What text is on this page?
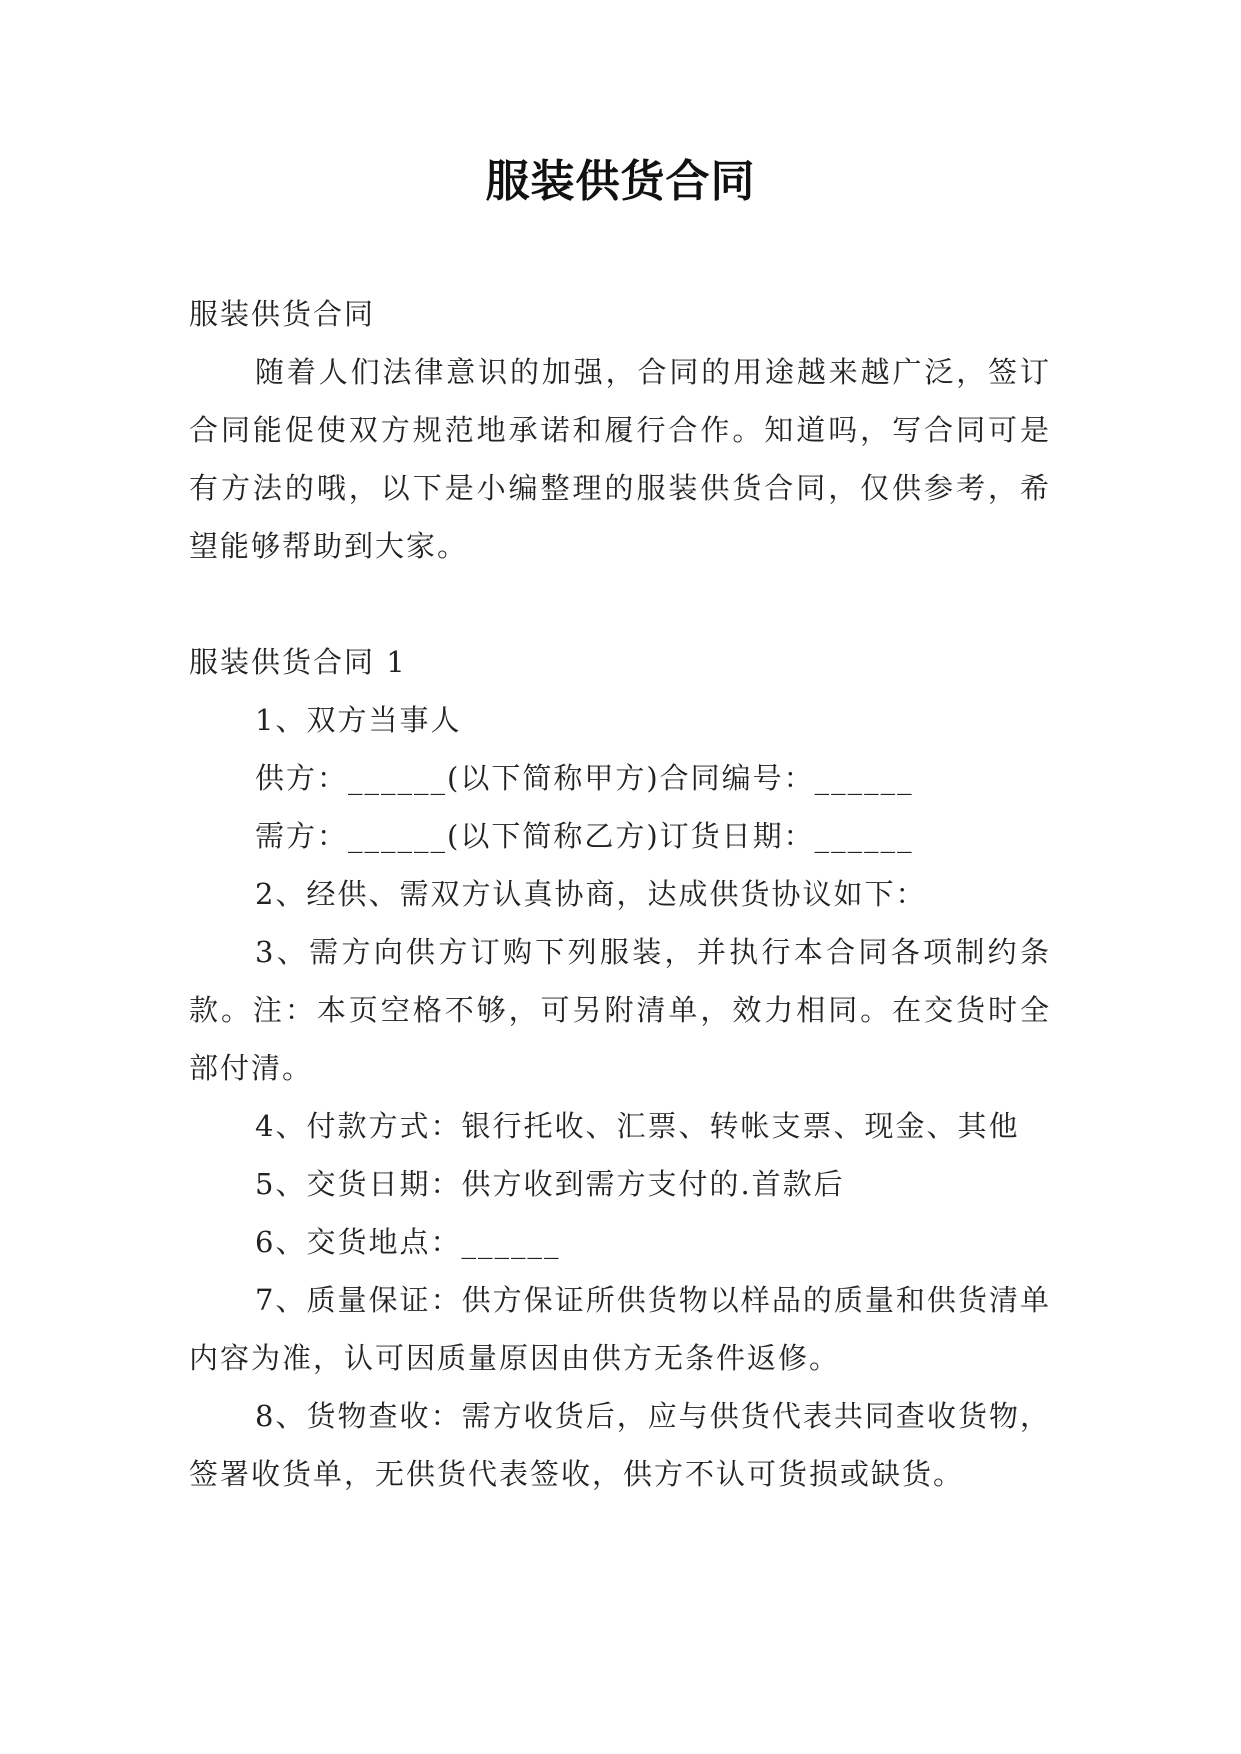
服装供货合同

服装供货合同

随着人们法律意识的加强，合同的用途越来越广泛，签订合同能促使双方规范地承诺和履行合作。知道吗，写合同可是有方法的哦，以下是小编整理的服装供货合同，仅供参考，希望能够帮助到大家。

服装供货合同 1

1、双方当事人

供方：______(以下简称甲方)合同编号：______

需方：______(以下简称乙方)订货日期：______

2、经供、需双方认真协商，达成供货协议如下：

3、需方向供方订购下列服装，并执行本合同各项制约条款。注：本页空格不够，可另附清单，效力相同。在交货时全部付清。

4、付款方式：银行托收、汇票、转帐支票、现金、其他

5、交货日期：供方收到需方支付的.首款后

6、交货地点：______

7、质量保证：供方保证所供货物以样品的质量和供货清单内容为准，认可因质量原因由供方无条件返修。

8、货物查收：需方收货后，应与供货代表共同查收货物，签署收货单，无供货代表签收，供方不认可货损或缺货。
